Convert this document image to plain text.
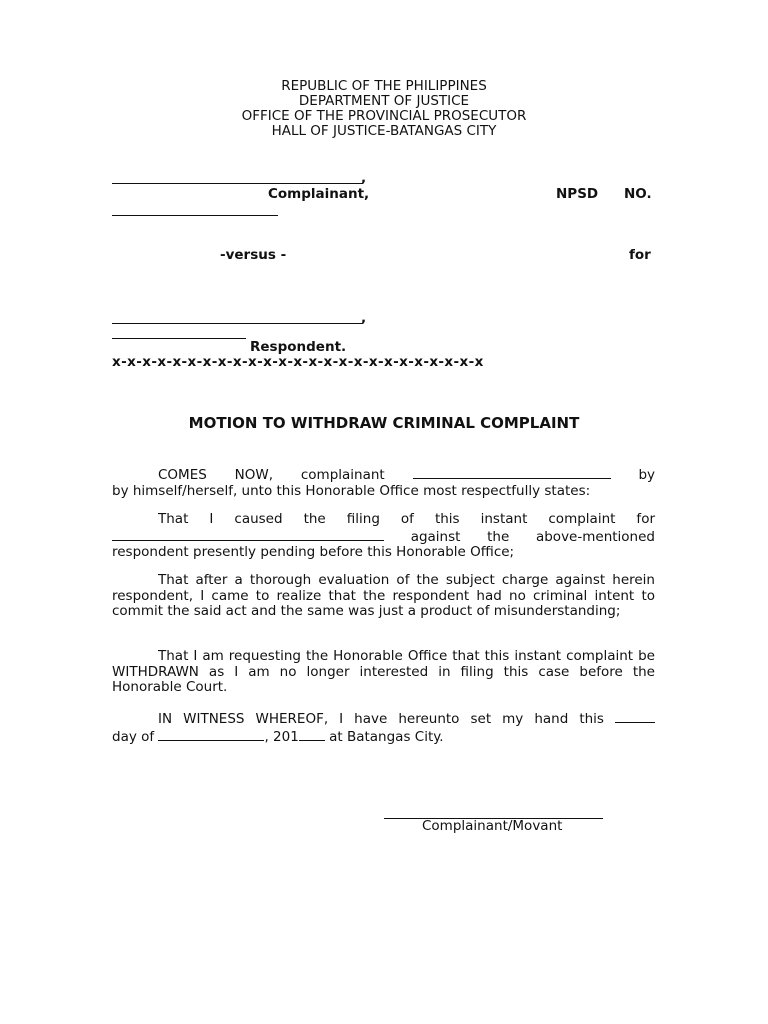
REPUBLIC OF THE PHILIPPINES
DEPARTMENT OF JUSTICE
OFFICE OF THE PROVINCIAL PROSECUTOR
HALL OF JUSTICE-BATANGAS CITY
,
Complainant,	NPSD NO.
-versus -	for
,
Respondent.
x-x-x-x-x-x-x-x-x-x-x-x-x-x-x-x-x-x-x-x-x-x-x-x-x
MOTION TO WITHDRAW CRIMINAL COMPLAINT

COMES NOW, complainant	by

by himself/herself, unto this Honorable Office most respectfully states:

That I caused the filing of this instant complaint for

against the above-mentioned respondent presently pending before this Honorable Office;

That after a thorough evaluation of the subject charge against herein respondent, I came to realize that the respondent had no criminal intent to commit the said act and the same was just a product of misunderstanding;

That I am requesting the Honorable Office that this instant complaint be WITHDRAWN as I am no longer interested in filing this case before the Honorable Court.

IN WITNESS WHEREOF, I have hereunto set my hand this

day of	, 201 at Batangas City.

Complainant/Movant
